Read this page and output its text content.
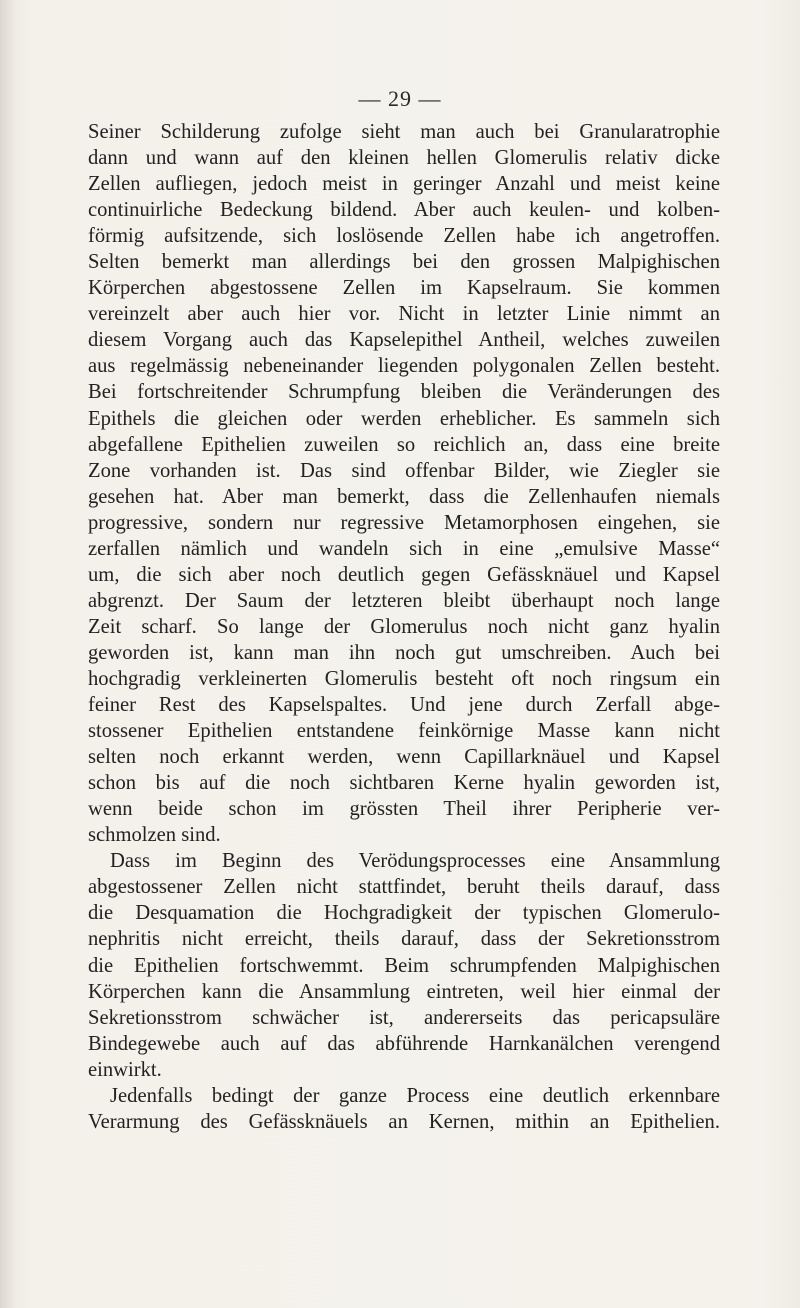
— 29 —
Seiner Schilderung zufolge sieht man auch bei Granularatrophie
dann und wann auf den kleinen hellen Glomerulis relativ dicke
Zellen aufliegen, jedoch meist in geringer Anzahl und meist keine
continuirliche Bedeckung bildend. Aber auch keulen- und kolben-
förmig aufsitzende, sich loslösende Zellen habe ich angetroffen.
Selten bemerkt man allerdings bei den grossen Malpighischen
Körperchen abgestossene Zellen im Kapselraum. Sie kommen
vereinzelt aber auch hier vor. Nicht in letzter Linie nimmt an
diesem Vorgang auch das Kapselepithel Antheil, welches zuweilen
aus regelmässig nebeneinander liegenden polygonalen Zellen besteht.
Bei fortschreitender Schrumpfung bleiben die Veränderungen des
Epithels die gleichen oder werden erheblicher. Es sammeln sich
abgefallene Epithelien zuweilen so reichlich an, dass eine breite
Zone vorhanden ist. Das sind offenbar Bilder, wie Ziegler sie
gesehen hat. Aber man bemerkt, dass die Zellenhaufen niemals
progressive, sondern nur regressive Metamorphosen eingehen, sie
zerfallen nämlich und wandeln sich in eine „emulsive Masse“
um, die sich aber noch deutlich gegen Gefässknäuel und Kapsel
abgrenzt. Der Saum der letzteren bleibt überhaupt noch lange
Zeit scharf. So lange der Glomerulus noch nicht ganz hyalin
geworden ist, kann man ihn noch gut umschreiben. Auch bei
hochgradig verkleinerten Glomerulis besteht oft noch ringsum ein
feiner Rest des Kapselspaltes. Und jene durch Zerfall abge-
stossener Epithelien entstandene feinkörnige Masse kann nicht
selten noch erkannt werden, wenn Capillarknäuel und Kapsel
schon bis auf die noch sichtbaren Kerne hyalin geworden ist,
wenn beide schon im grössten Theil ihrer Peripherie ver-
schmolzen sind.
Dass im Beginn des Verödungsprocesses eine Ansammlung
abgestossener Zellen nicht stattfindet, beruht theils darauf, dass
die Desquamation die Hochgradigkeit der typischen Glomerulo-
nephritis nicht erreicht, theils darauf, dass der Sekretionsstrom
die Epithelien fortschwemmt. Beim schrumpfenden Malpighischen
Körperchen kann die Ansammlung eintreten, weil hier einmal der
Sekretionsstrom schwächer ist, andererseits das pericapsuläre
Bindegewebe auch auf das abführende Harnkanälchen verengend
einwirkt.
Jedenfalls bedingt der ganze Process eine deutlich erkennbare
Verarmung des Gefässknäuels an Kernen, mithin an Epithelien.
